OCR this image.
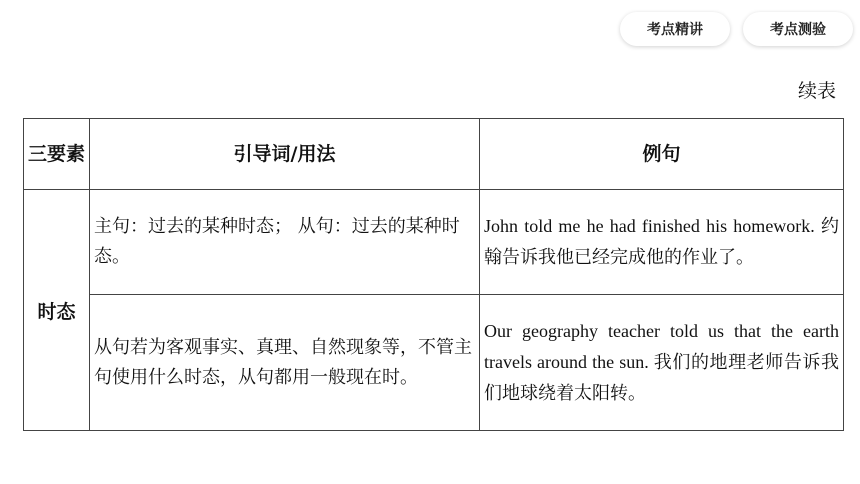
考点精讲	考点测验
续表
三要素	引导词/用法	例句
时态	主句：过去的某种时态； 从句：过去的某种时态。	John told me he had finished his homework. 约翰告诉我他已经完成他的作业了。
	从句若为客观事实、真理、自然现象等，不管主句使用什么时态，从句都用一般现在时。	Our geography teacher told us that the earth travels around the sun. 我们的地理老师告诉我们地球绕着太阳转。
